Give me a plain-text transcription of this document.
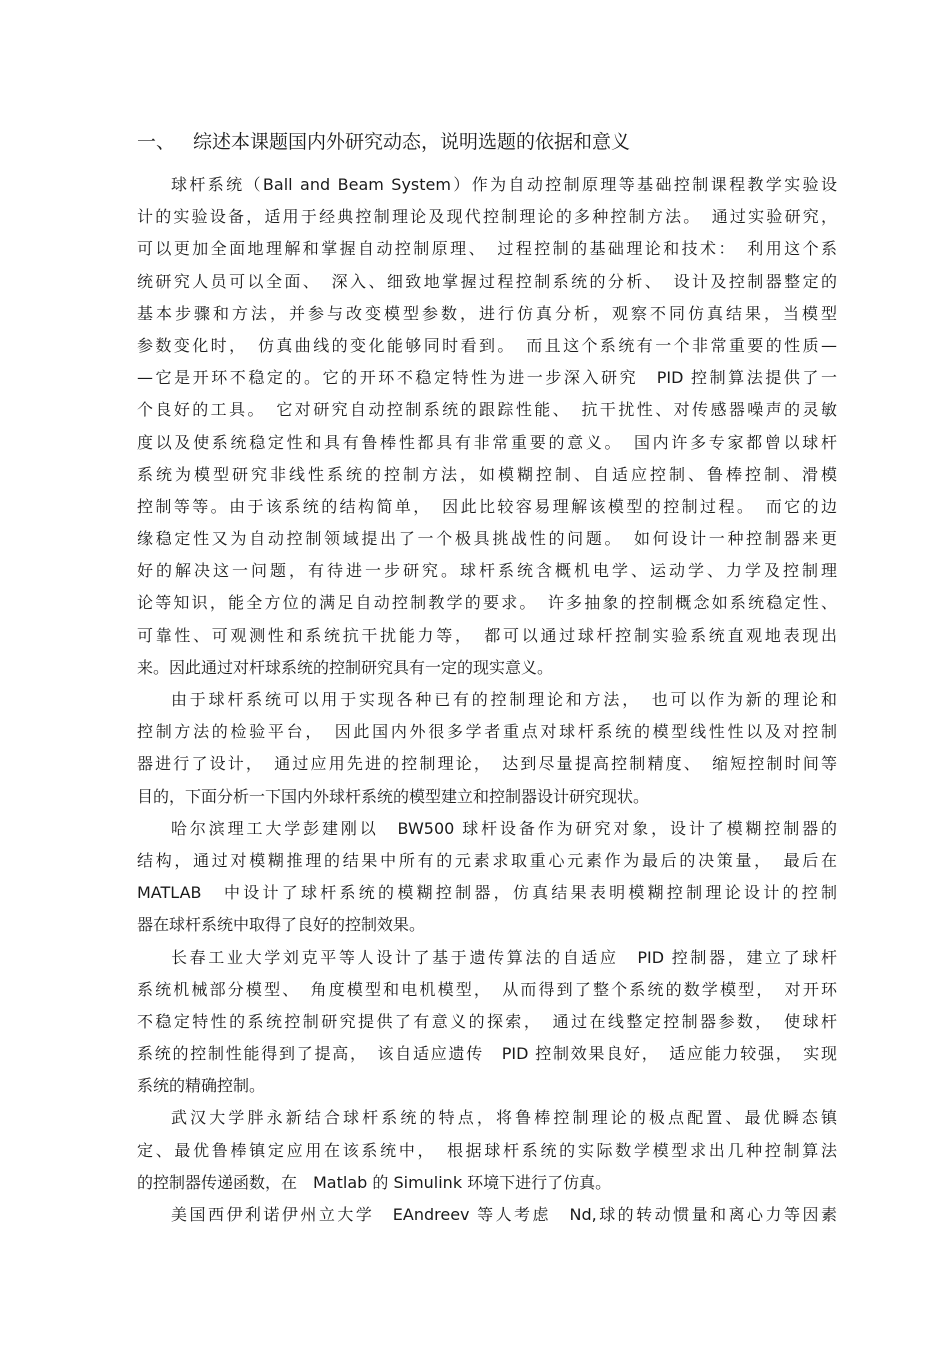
一、 综述本课题国内外研究动态，说明选题的依据和意义
球杆系统（Ball and Beam System）作为自动控制原理等基础控制课程教学实验设
计的实验设备，适用于经典控制理论及现代控制理论的多种控制方法。　通过实验研究，
可以更加全面地理解和掌握自动控制原理、　过程控制的基础理论和技术：　利用这个系
统研究人员可以全面、　深入、细致地掌握过程控制系统的分析、　设计及控制器整定的
基本步骤和方法，并参与改变模型参数，进行仿真分析，观察不同仿真结果，当模型
参数变化时，　仿真曲线的变化能够同时看到。　而且这个系统有一个非常重要的性质—
—它是开环不稳定的。它的开环不稳定特性为进一步深入研究　PID 控制算法提供了一
个良好的工具。　它对研究自动控制系统的跟踪性能、　抗干扰性、对传感器噪声的灵敏
度以及使系统稳定性和具有鲁棒性都具有非常重要的意义。　国内许多专家都曾以球杆
系统为模型研究非线性系统的控制方法，如模糊控制、自适应控制、鲁棒控制、滑模
控制等等。由于该系统的结构简单，　因此比较容易理解该模型的控制过程。　而它的边
缘稳定性又为自动控制领域提出了一个极具挑战性的问题。　如何设计一种控制器来更
好的解决这一问题，有待进一步研究。球杆系统含概机电学、运动学、力学及控制理
论等知识，能全方位的满足自动控制教学的要求。　许多抽象的控制概念如系统稳定性、
可靠性、可观测性和系统抗干扰能力等，　都可以通过球杆控制实验系统直观地表现出
来。因此通过对杆球系统的控制研究具有一定的现实意义。
由于球杆系统可以用于实现各种已有的控制理论和方法，　也可以作为新的理论和
控制方法的检验平台，　因此国内外很多学者重点对球杆系统的模型线性性以及对控制
器进行了设计，　通过应用先进的控制理论，　达到尽量提高控制精度、　缩短控制时间等
目的，下面分析一下国内外球杆系统的模型建立和控制器设计研究现状。
哈尔滨理工大学彭建刚以　BW500 球杆设备作为研究对象，设计了模糊控制器的
结构，通过对模糊推理的结果中所有的元素求取重心元素作为最后的决策量，　最后在
MATLAB　中设计了球杆系统的模糊控制器，仿真结果表明模糊控制理论设计的控制
器在球杆系统中取得了良好的控制效果。
长春工业大学刘克平等人设计了基于遗传算法的自适应　PID 控制器，建立了球杆
系统机械部分模型、　角度模型和电机模型，　从而得到了整个系统的数学模型，　对开环
不稳定特性的系统控制研究提供了有意义的探索，　通过在线整定控制器参数，　使球杆
系统的控制性能得到了提高，　该自适应遗传　PID 控制效果良好，　适应能力较强，　实现
系统的精确控制。
武汉大学胖永新结合球杆系统的特点，将鲁棒控制理论的极点配置、最优瞬态镇
定、最优鲁棒镇定应用在该系统中，　根据球杆系统的实际数学模型求出几种控制算法
的控制器传递函数，在　Matlab 的 Simulink 环境下进行了仿真。
美国西伊利诺伊州立大学　EAndreev 等人考虑　Nd,球的转动惯量和离心力等因素
